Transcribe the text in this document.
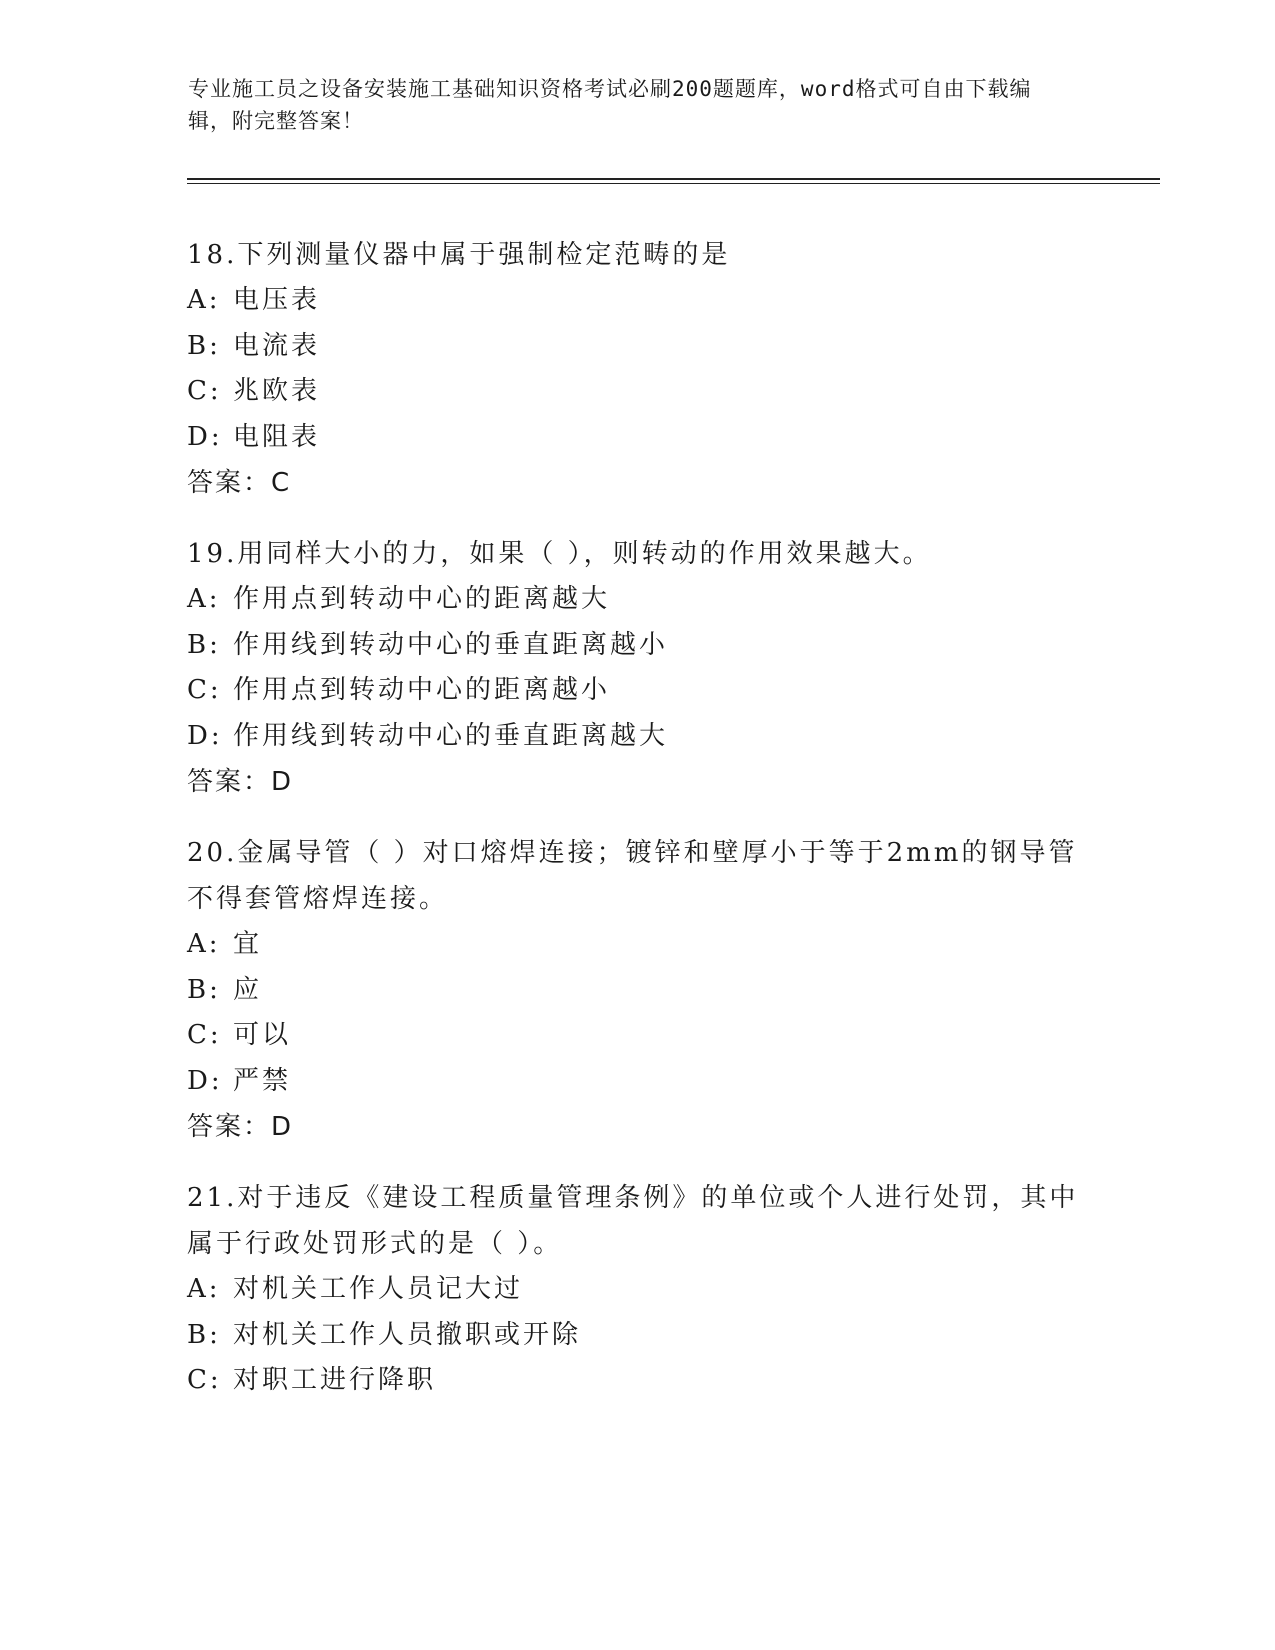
专业施工员之设备安装施工基础知识资格考试必刷200题题库，word格式可自由下载编辑，附完整答案！

18.下列测量仪器中属于强制检定范畴的是

A: 电压表

B: 电流表

C: 兆欧表

D: 电阻表

答案：C

19.用同样大小的力，如果（ ），则转动的作用效果越大。

A: 作用点到转动中心的距离越大

B: 作用线到转动中心的垂直距离越小

C: 作用点到转动中心的距离越小

D: 作用线到转动中心的垂直距离越大

答案：D

20.金属导管（ ）对口熔焊连接；镀锌和壁厚小于等于2mm的钢导管不得套管熔焊连接。

A: 宜

B: 应

C: 可以

D: 严禁

答案：D

21.对于违反《建设工程质量管理条例》的单位或个人进行处罚，其中属于行政处罚形式的是（ ）。

A: 对机关工作人员记大过

B: 对机关工作人员撤职或开除

C: 对职工进行降职
